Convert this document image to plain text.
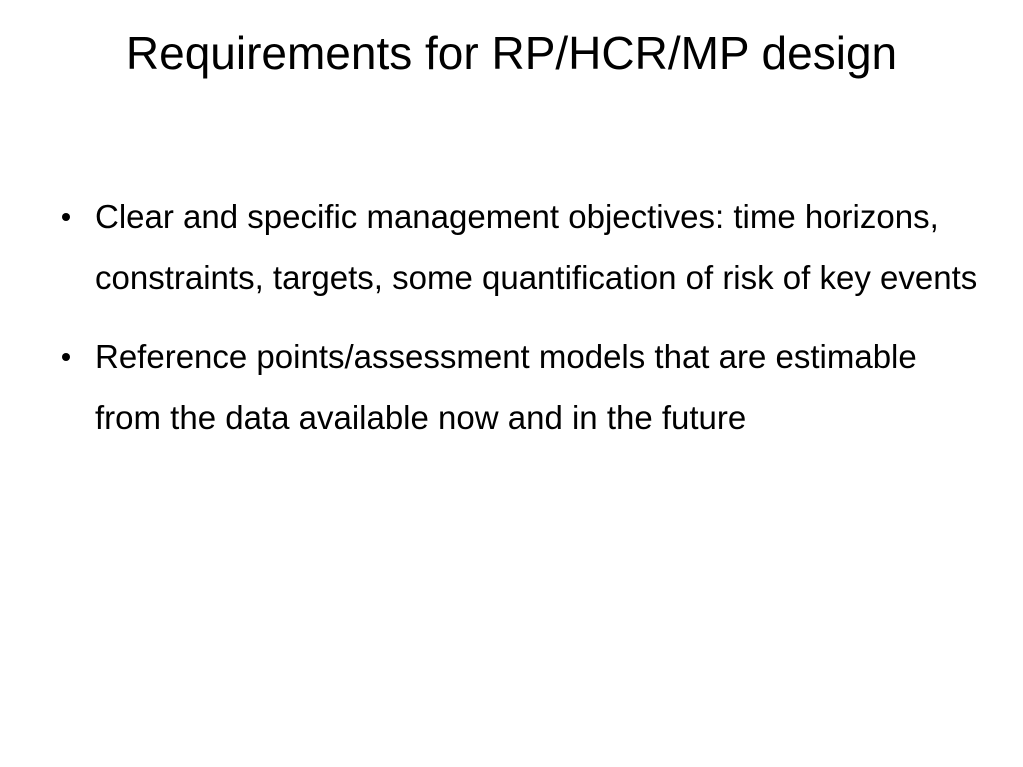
Requirements for RP/HCR/MP design
Clear and specific management objectives: time horizons, constraints, targets, some quantification of risk of key events
Reference points/assessment models that are estimable from the data available now and in the future
